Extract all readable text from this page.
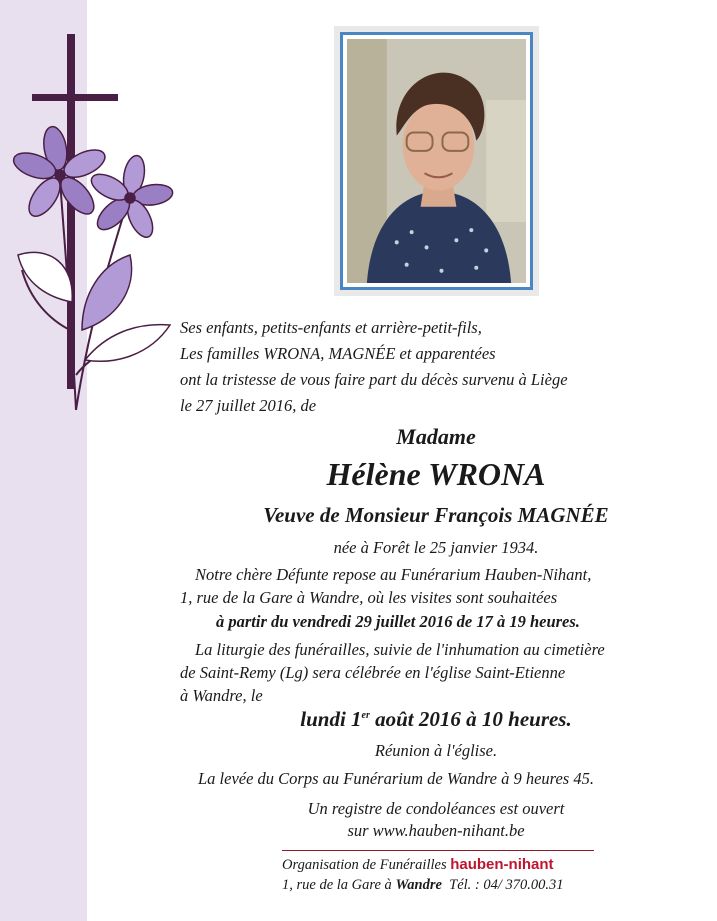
Ses enfants, petits-enfants et arrière-petit-fils,
Les familles WRONA, MAGNÉE et apparentées
ont la tristesse de vous faire part du décès survenu à Liège
le 27 juillet 2016, de
Madame
Hélène WRONA
Veuve de Monsieur François MAGNÉE
née à Forêt le 25 janvier 1934.
Notre chère Défunte repose au Funérarium Hauben-Nihant,
1, rue de la Gare à Wandre, où les visites sont souhaitées
à partir du vendredi 29 juillet 2016 de 17 à 19 heures.
La liturgie des funérailles, suivie de l'inhumation au cimetière
de Saint-Remy (Lg) sera célébrée en l'église Saint-Etienne
à Wandre, le
lundi 1er août 2016 à 10 heures.
Réunion à l'église.
La levée du Corps au Funérarium de Wandre à 9 heures 45.
Un registre de condoléances est ouvert
sur www.hauben-nihant.be
Organisation de Funérailles hauben-nihant
1, rue de la Gare à Wandre Tél. : 04/ 370.00.31
